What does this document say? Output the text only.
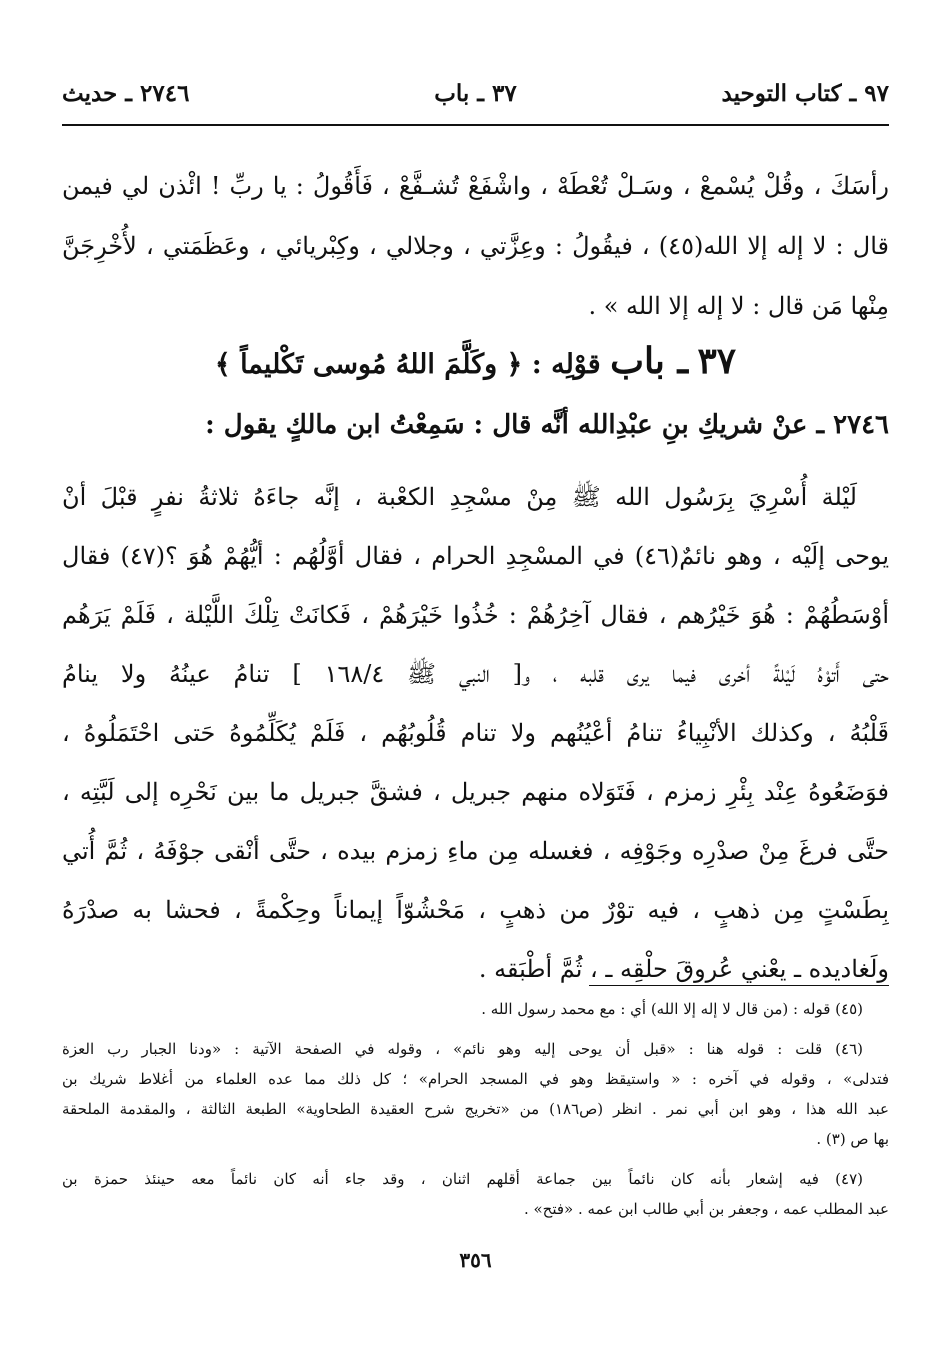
٩٧ ـ كتاب التوحيد
٣٧ ـ باب
٢٧٤٦ ـ حديث
رأسَكَ ، وقُلْ يُسْمعْ ، وسَـلْ تُعْطَهْ ، واشْفَعْ تُشـفَّعْ ، فَأَقُولُ : يا ربِّ ! ائْذن لي فيمن
قال : لا إله إلا الله(٤٥) ، فيقُولُ : وعِزَّتي ، وجلالي ، وكِبْريائي ، وعَظَمَتي ، لأُخْرِجَنَّ
مِنْها مَن قال : لا إله إلا الله » .
٣٧ ـ باب قوْلِه : ﴿ وكَلَّمَ اللهُ مُوسى تَكْليماً ﴾
٢٧٤٦ ـ عنْ شريكِ بنِ عبْدِالله أنَّه قال : سَمِعْتُ ابن مالكٍ يقول :
لَيْلة أُسْرِيَ بِرَسُول الله ﷺ مِنْ مسْجِدِ الكعْبة ، إنَّه جاءَهُ ثلاثةُ نفرٍ قبْلَ أنْ
يوحى إلَيْه ، وهو نائمٌ(٤٦) في المسْجِدِ الحرام ، فقال أوَّلُهُم : أيُّهُمْ هُوَ ؟(٤٧) فقال
أوْسَطُهُمْ : هُوَ خَيْرُهم ، فقال آخِرُهُمْ : خُذُوا خَيْرَهُمْ ، فَكانَتْ تِلْكَ اللَّيْلة ، فَلَمْ يَرَهُم
حتى أَتوْهُ لَيْلةً أخرى فيما يرى قلبه ، و[ النبي ﷺ ١٦٨/٤ ] تنامُ عينُهُ ولا ينامُ
قَلْبُهُ ، وكذلك الأنْبِياءُ تنامُ أعْيُنُهم ولا تنام قُلُوبُهُم ، فَلَمْ يُكَلِّمُوهُ حَتى احْتَمَلُوهُ ،
فوَضَعُوهُ عِنْد بِئْرِ زمزم ، فَتَوَلاه منهم جبريل ، فشقَّ جبريل ما بين نَحْرِه إلى لَبَّتِه ،
حتَّى فرغَ مِنْ صدْرِه وجَوْفِه ، فغسله مِن ماءِ زمزم بيده ، حتَّى أنْقى جوْفَهُ ، ثُمَّ أُتي
بِطَسْتٍ مِن ذهبٍ ، فيه توْرٌ من ذهبٍ ، مَحْشُوّاً إيماناً وحِكْمةً ، فحشا به صدْرَهُ
ولَغاديده ـ يعْني عُروقَ حلْقِه ـ ، ثُمَّ أطْبَقه .
(٤٥) قوله : (من قال لا إله إلا الله) أي : مع محمد رسول الله .
(٤٦) قلت : قوله هنا : «قبل أن يوحى إليه وهو نائم» ، وقوله في الصفحة الآتية : «ودنا الجبار رب العزة
فتدلى» ، وقوله في آخره : « واستيقظ وهو في المسجد الحرام» ؛ كل ذلك مما عده العلماء من أغلاط شريك بن
عبد الله هذا ، وهو ابن أبي نمر . انظر (ص١٨٦) من «تخريج شرح العقيدة الطحاوية» الطبعة الثالثة ، والمقدمة الملحقة
بها ص (٣) .
(٤٧) فيه إشعار بأنه كان نائماً بين جماعة أقلهم اثنان ، وقد جاء أنه كان نائماً معه حينئذ حمزة بن
عبد المطلب عمه ، وجعفر بن أبي طالب ابن عمه . «فتح» .
٣٥٦
